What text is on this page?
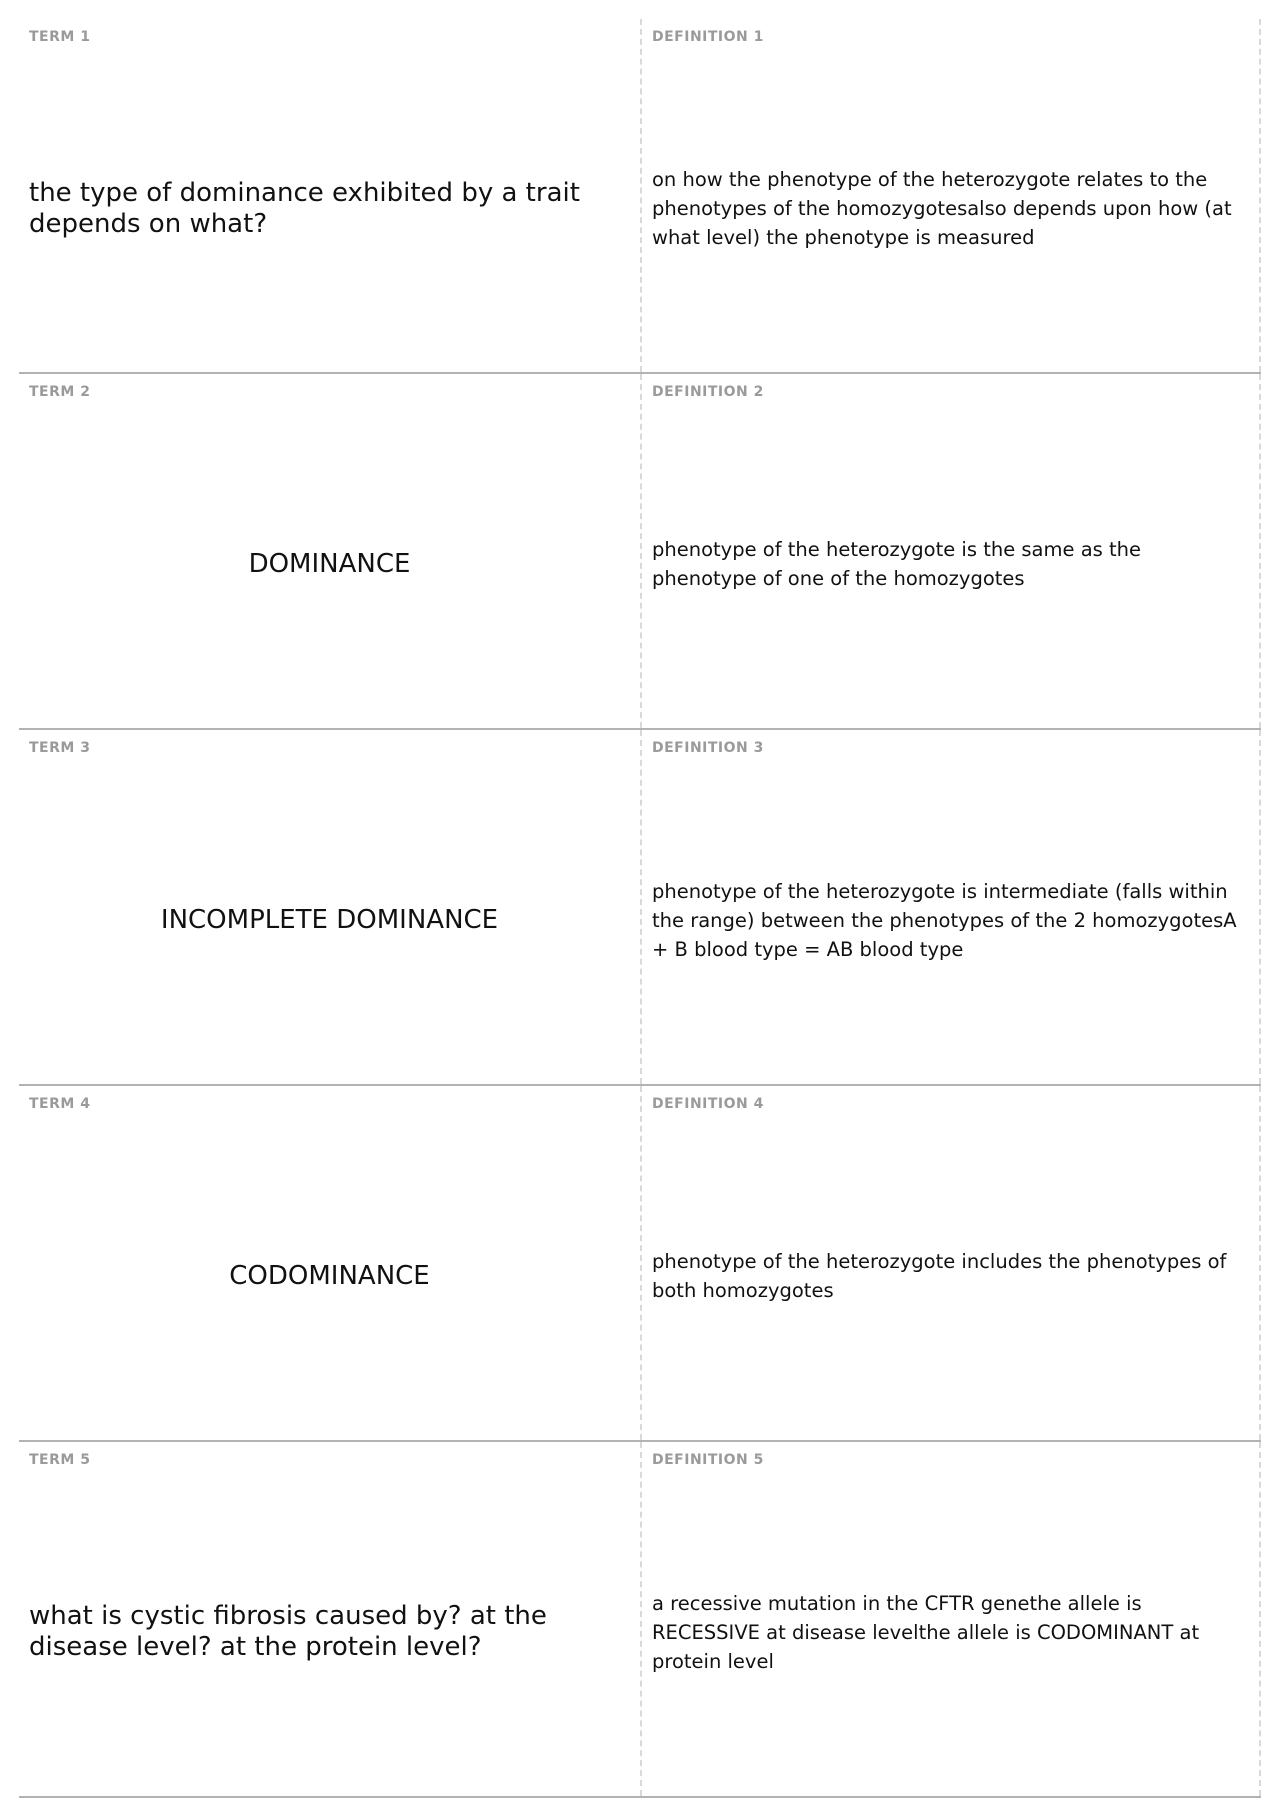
TERM 1
the type of dominance exhibited by a trait depends on what?
DEFINITION 1
on how the phenotype of the heterozygote relates to the phenotypes of the homozygotesalso depends upon how (at what level) the phenotype is measured
TERM 2
DOMINANCE
DEFINITION 2
phenotype of the heterozygote is the same as the phenotype of one of the homozygotes
TERM 3
INCOMPLETE DOMINANCE
DEFINITION 3
phenotype of the heterozygote is intermediate (falls within the range) between the phenotypes of the 2 homozygotesA + B blood type = AB blood type
TERM 4
CODOMINANCE
DEFINITION 4
phenotype of the heterozygote includes the phenotypes of both homozygotes
TERM 5
what is cystic fibrosis caused by? at the disease level? at the protein level?
DEFINITION 5
a recessive mutation in the CFTR genethe allele is RECESSIVE at disease levelthe allele is CODOMINANT at protein level
